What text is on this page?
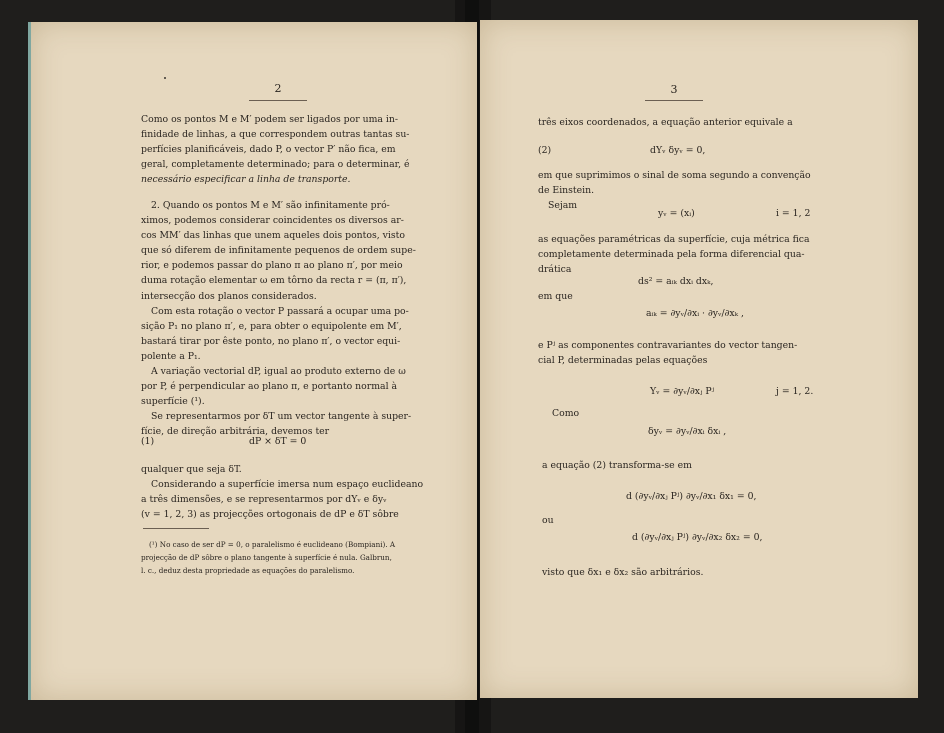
2
Como os pontos M e M′ podem ser ligados por uma in-
finidade de linhas, a que correspondem outras tantas su-
perfícies planificáveis, dado P, o vector P′ não fica, em
geral, completamente determinado; para o determinar, é
necessário especificar a linha de transporte.
2. Quando os pontos M e M′ são infinitamente pró-
ximos, podemos considerar coincidentes os diversos ar-
cos MM′ das linhas que unem aqueles dois pontos, visto
que só diferem de infinitamente pequenos de ordem supe-
rior, e podemos passar do plano π ao plano π′, por meio
duma rotação elementar ω em tôrno da recta r = (π, π′),
intersecção dos planos considerados.
Com esta rotação o vector P passará a ocupar uma po-
sição P₁ no plano π′, e, para obter o equipolente em M′,
bastará tirar por êste ponto, no plano π′, o vector equi-
polente a P₁.
A variação vectorial dP, igual ao produto externo de ω
por P, é perpendicular ao plano π, e portanto normal à
superfície (¹).
Se representarmos por δT um vector tangente à super-
fície, de direção arbitrária, devemos ter
(1)	dP × δT = 0
qualquer que seja δT.
Considerando a superfície imersa num espaço euclideano
a três dimensões, e se representarmos por dYᵥ e δyᵥ
(v = 1, 2, 3) as projecções ortogonais de dP e δT sôbre
(¹) No caso de ser dP = 0, o paralelismo é euclideano (Bompiani). A
projecção de dP sôbre o plano tangente à superfície é nula. Galbrun,
l. c., deduz desta propriedade as equações do paralelismo.
3
três eixos coordenados, a equação anterior equivale a
(2)	dYᵥ δyᵥ = 0,
em que suprimimos o sinal de soma segundo a convenção
de Einstein.
Sejam
yᵥ = (xᵢ)	i = 1, 2
as equações paramétricas da superfície, cuja métrica fica
completamente determinada pela forma diferencial qua-
drática
ds² = aᵢₖ dxᵢ dxₖ,
em que
aᵢₖ = ∂yᵥ/∂xᵢ · ∂yᵥ/∂xₖ ,
e Pʲ as componentes contravariantes do vector tangen-
cial P, determinadas pelas equações
Yᵥ = ∂yᵥ/∂xⱼ Pʲ	j = 1, 2.
Como
δyᵥ = ∂yᵥ/∂xᵢ δxᵢ ,
a equação (2) transforma-se em
d (∂yᵥ/∂xⱼ Pʲ) ∂yᵥ/∂x₁ δx₁ = 0,
ou
d (∂yᵥ/∂xⱼ Pʲ) ∂yᵥ/∂x₂ δx₂ = 0,
visto que δx₁ e δx₂ são arbitrários.
